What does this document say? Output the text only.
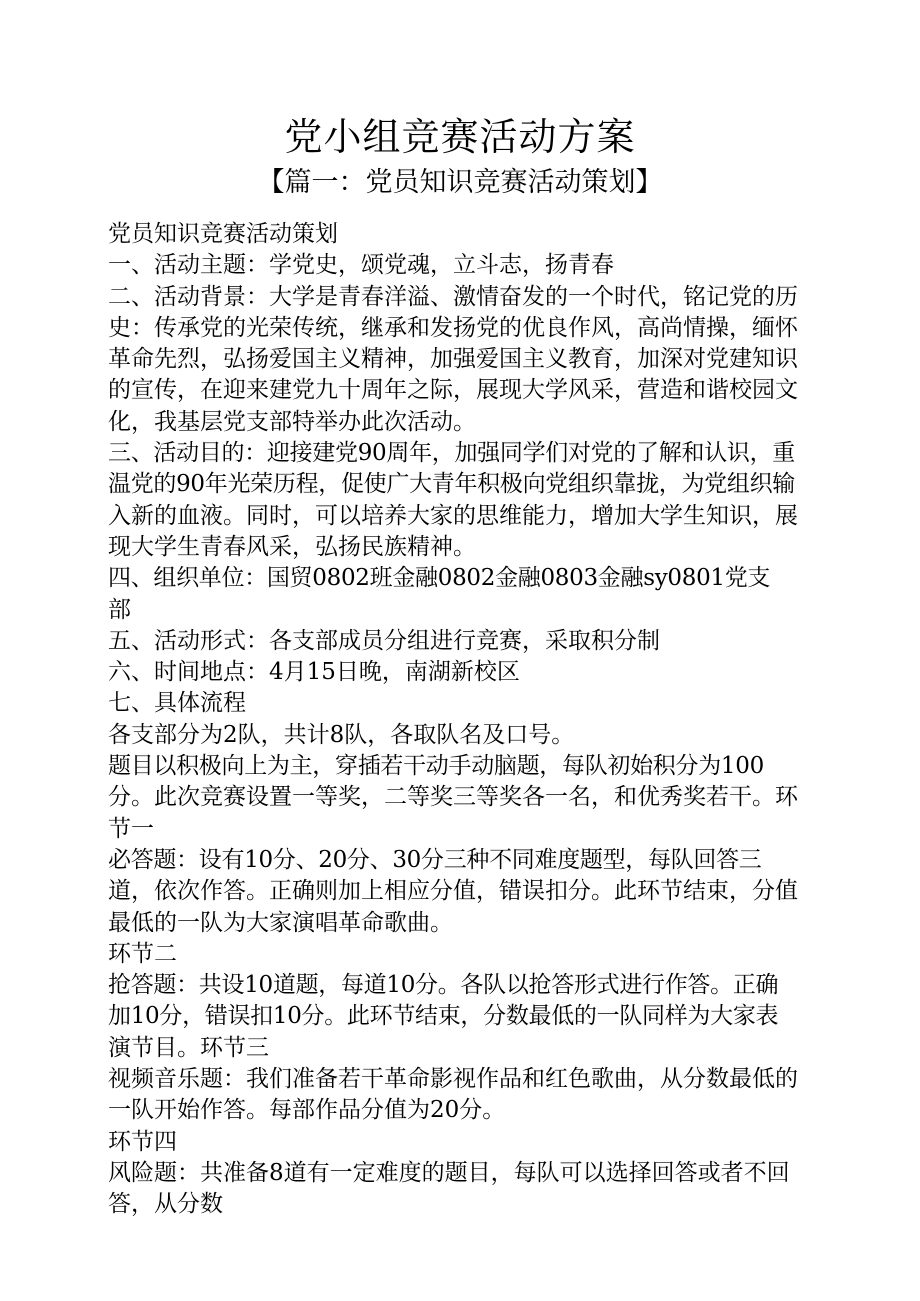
党小组竞赛活动方案
【篇一：党员知识竞赛活动策划】

党员知识竞赛活动策划

一、活动主题：学党史，颂党魂，立斗志，扬青春

二、活动背景：大学是青春洋溢、激情奋发的一个时代，铭记党的历

史：传承党的光荣传统，继承和发扬党的优良作风，高尚情操，缅怀

革命先烈，弘扬爱国主义精神，加强爱国主义教育，加深对党建知识

的宣传，在迎来建党九十周年之际，展现大学风采，营造和谐校园文

化，我基层党支部特举办此次活动。

三、活动目的：迎接建党90周年，加强同学们对党的了解和认识，重

温党的90年光荣历程，促使广大青年积极向党组织靠拢，为党组织输

入新的血液。同时，可以培养大家的思维能力，增加大学生知识，展

现大学生青春风采，弘扬民族精神。

四、组织单位：国贸0802班金融0802金融0803金融sy0801党支

部

五、活动形式：各支部成员分组进行竞赛，采取积分制

六、时间地点：4月15日晚，南湖新校区

七、具体流程

各支部分为2队，共计8队，各取队名及口号。

题目以积极向上为主，穿插若干动手动脑题，每队初始积分为100

分。此次竞赛设置一等奖，二等奖三等奖各一名，和优秀奖若干。环

节一

必答题：设有10分、20分、30分三种不同难度题型，每队回答三

道，依次作答。正确则加上相应分值，错误扣分。此环节结束，分值

最低的一队为大家演唱革命歌曲。

环节二

抢答题：共设10道题，每道10分。各队以抢答形式进行作答。正确

加10分，错误扣10分。此环节结束，分数最低的一队同样为大家表

演节目。环节三

视频音乐题：我们准备若干革命影视作品和红色歌曲，从分数最低的

一队开始作答。每部作品分值为20分。

环节四

风险题：共准备8道有一定难度的题目，每队可以选择回答或者不回

答，从分数
